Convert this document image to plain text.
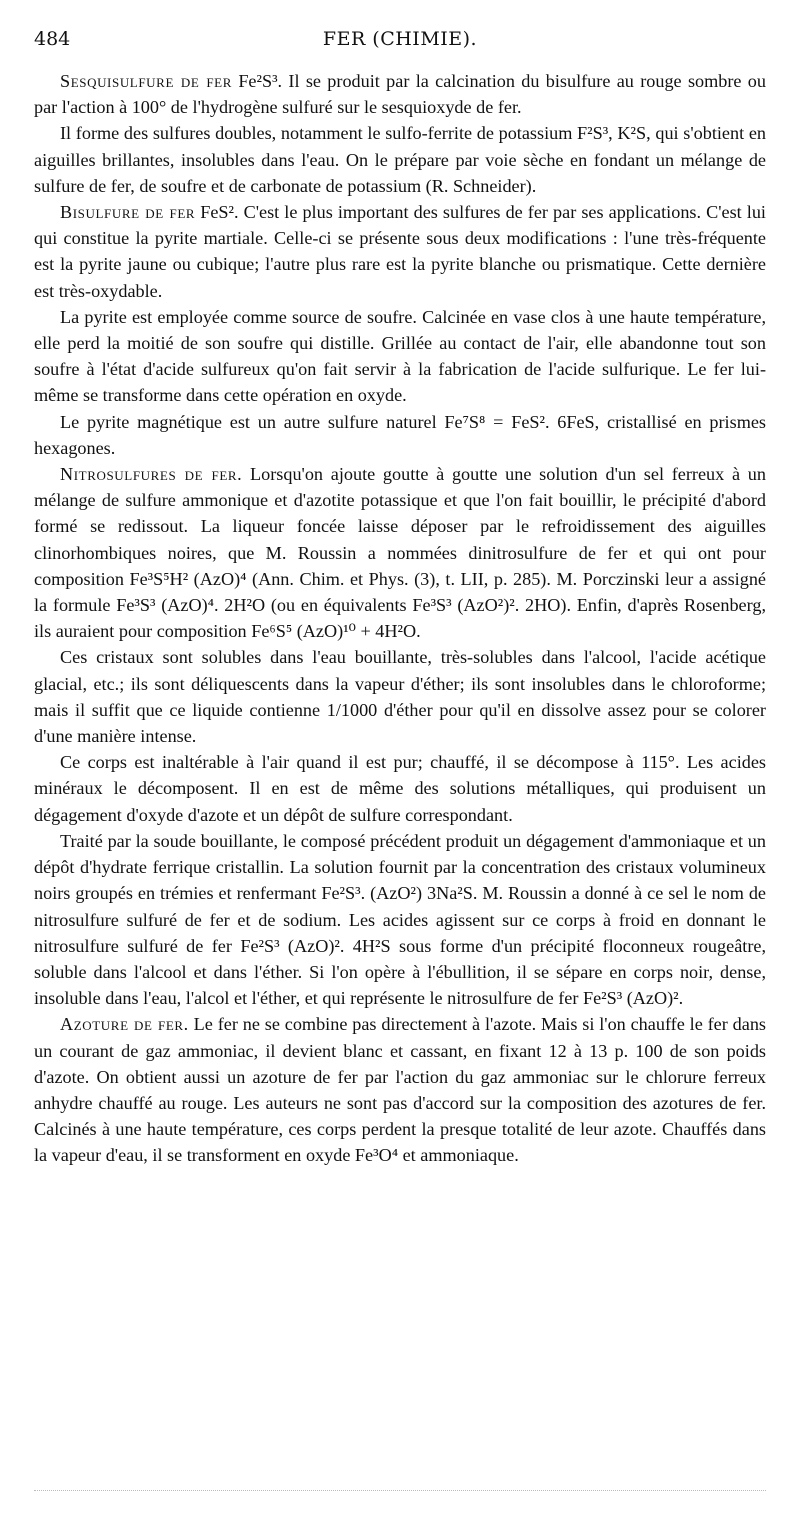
484	FER (CHIMIE).

Sesquisulfure de fer Fe²S³. Il se produit par la calcination du bisulfure au rouge sombre ou par l'action à 100° de l'hydrogène sulfuré sur le sesquioxyde de fer.

Il forme des sulfures doubles, notamment le sulfo-ferrite de potassium F²S³, K²S, qui s'obtient en aiguilles brillantes, insolubles dans l'eau. On le prépare par voie sèche en fondant un mélange de sulfure de fer, de soufre et de carbonate de potassium (R. Schneider).

Bisulfure de fer FeS². C'est le plus important des sulfures de fer par ses applications. C'est lui qui constitue la pyrite martiale. Celle-ci se présente sous deux modifications : l'une très-fréquente est la pyrite jaune ou cubique; l'autre plus rare est la pyrite blanche ou prismatique. Cette dernière est très-oxydable.

La pyrite est employée comme source de soufre. Calcinée en vase clos à une haute température, elle perd la moitié de son soufre qui distille. Grillée au contact de l'air, elle abandonne tout son soufre à l'état d'acide sulfureux qu'on fait servir à la fabrication de l'acide sulfurique. Le fer lui-même se transforme dans cette opération en oxyde.

Le pyrite magnétique est un autre sulfure naturel Fe⁷S⁸ = FeS². 6FeS, cristallisé en prismes hexagones.

Nitrosulfures de fer. Lorsqu'on ajoute goutte à goutte une solution d'un sel ferreux à un mélange de sulfure ammonique et d'azotite potassique et que l'on fait bouillir, le précipité d'abord formé se redissout. La liqueur foncée laisse déposer par le refroidissement des aiguilles clinorhombiques noires, que M. Roussin a nommées dinitrosulfure de fer et qui ont pour composition Fe³S⁵H² (AzO)⁴ (Ann. Chim. et Phys. (3), t. LII, p. 285). M. Porczinski leur a assigné la formule Fe³S³ (AzO)⁴. 2H²O (ou en équivalents Fe³S³ (AzO²)². 2HO). Enfin, d'après Rosenberg, ils auraient pour composition Fe⁶S⁵ (AzO)¹⁰ + 4H²O.

Ces cristaux sont solubles dans l'eau bouillante, très-solubles dans l'alcool, l'acide acétique glacial, etc.; ils sont déliquescents dans la vapeur d'éther; ils sont insolubles dans le chloroforme; mais il suffit que ce liquide contienne 1/1000 d'éther pour qu'il en dissolve assez pour se colorer d'une manière intense.

Ce corps est inaltérable à l'air quand il est pur; chauffé, il se décompose à 115°. Les acides minéraux le décomposent. Il en est de même des solutions métalliques, qui produisent un dégagement d'oxyde d'azote et un dépôt de sulfure correspondant.

Traité par la soude bouillante, le composé précédent produit un dégagement d'ammoniaque et un dépôt d'hydrate ferrique cristallin. La solution fournit par la concentration des cristaux volumineux noirs groupés en trémies et renfermant Fe²S³. (AzO²) 3Na²S. M. Roussin a donné à ce sel le nom de nitrosulfure sulfuré de fer et de sodium. Les acides agissent sur ce corps à froid en donnant le nitrosulfure sulfuré de fer Fe²S³ (AzO)². 4H²S sous forme d'un précipité floconneux rougeâtre, soluble dans l'alcool et dans l'éther. Si l'on opère à l'ébullition, il se sépare en corps noir, dense, insoluble dans l'eau, l'alcol et l'éther, et qui représente le nitrosulfure de fer Fe²S³ (AzO)².

Azoture de fer. Le fer ne se combine pas directement à l'azote. Mais si l'on chauffe le fer dans un courant de gaz ammoniac, il devient blanc et cassant, en fixant 12 à 13 p. 100 de son poids d'azote. On obtient aussi un azoture de fer par l'action du gaz ammoniac sur le chlorure ferreux anhydre chauffé au rouge. Les auteurs ne sont pas d'accord sur la composition des azotures de fer. Calcinés à une haute température, ces corps perdent la presque totalité de leur azote. Chauffés dans la vapeur d'eau, il se transforment en oxyde Fe³O⁴ et ammoniaque.
